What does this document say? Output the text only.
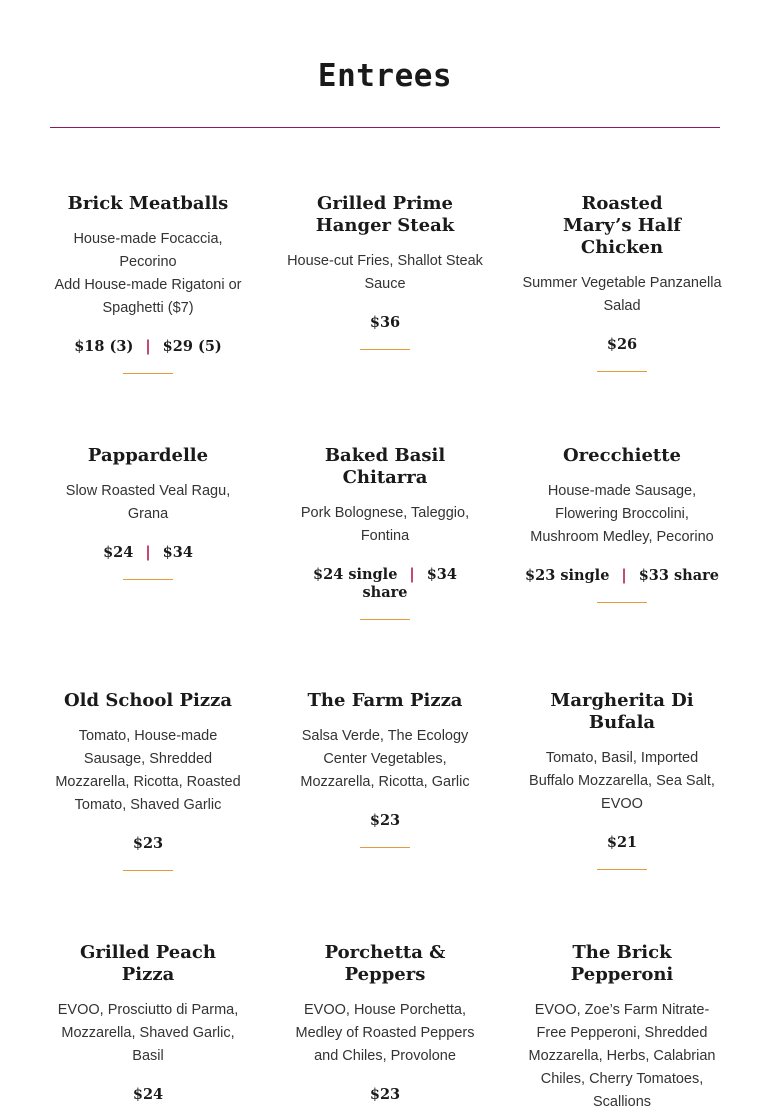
Entrees
Brick Meatballs
House-made Focaccia, Pecorino
Add House-made Rigatoni or Spaghetti ($7)
$18 (3) | $29 (5)
Grilled Prime Hanger Steak
House-cut Fries, Shallot Steak Sauce
$36
Roasted Mary’s Half Chicken
Summer Vegetable Panzanella Salad
$26
Pappardelle
Slow Roasted Veal Ragu, Grana
$24 | $34
Baked Basil Chitarra
Pork Bolognese, Taleggio, Fontina
$24 single | $34 share
Orecchiette
House-made Sausage, Flowering Broccolini, Mushroom Medley, Pecorino
$23 single | $33 share
Old School Pizza
Tomato, House-made Sausage, Shredded Mozzarella, Ricotta, Roasted Tomato, Shaved Garlic
$23
The Farm Pizza
Salsa Verde, The Ecology Center Vegetables, Mozzarella, Ricotta, Garlic
$23
Margherita Di Bufala
Tomato, Basil, Imported Buffalo Mozzarella, Sea Salt, EVOO
$21
Grilled Peach Pizza
EVOO, Prosciutto di Parma, Mozzarella, Shaved Garlic, Basil
$24
Porchetta & Peppers
EVOO, House Porchetta, Medley of Roasted Peppers and Chiles, Provolone
$23
The Brick Pepperoni
EVOO, Zoe’s Farm Nitrate-Free Pepperoni, Shredded Mozzarella, Herbs, Calabrian Chiles, Cherry Tomatoes, Scallions
